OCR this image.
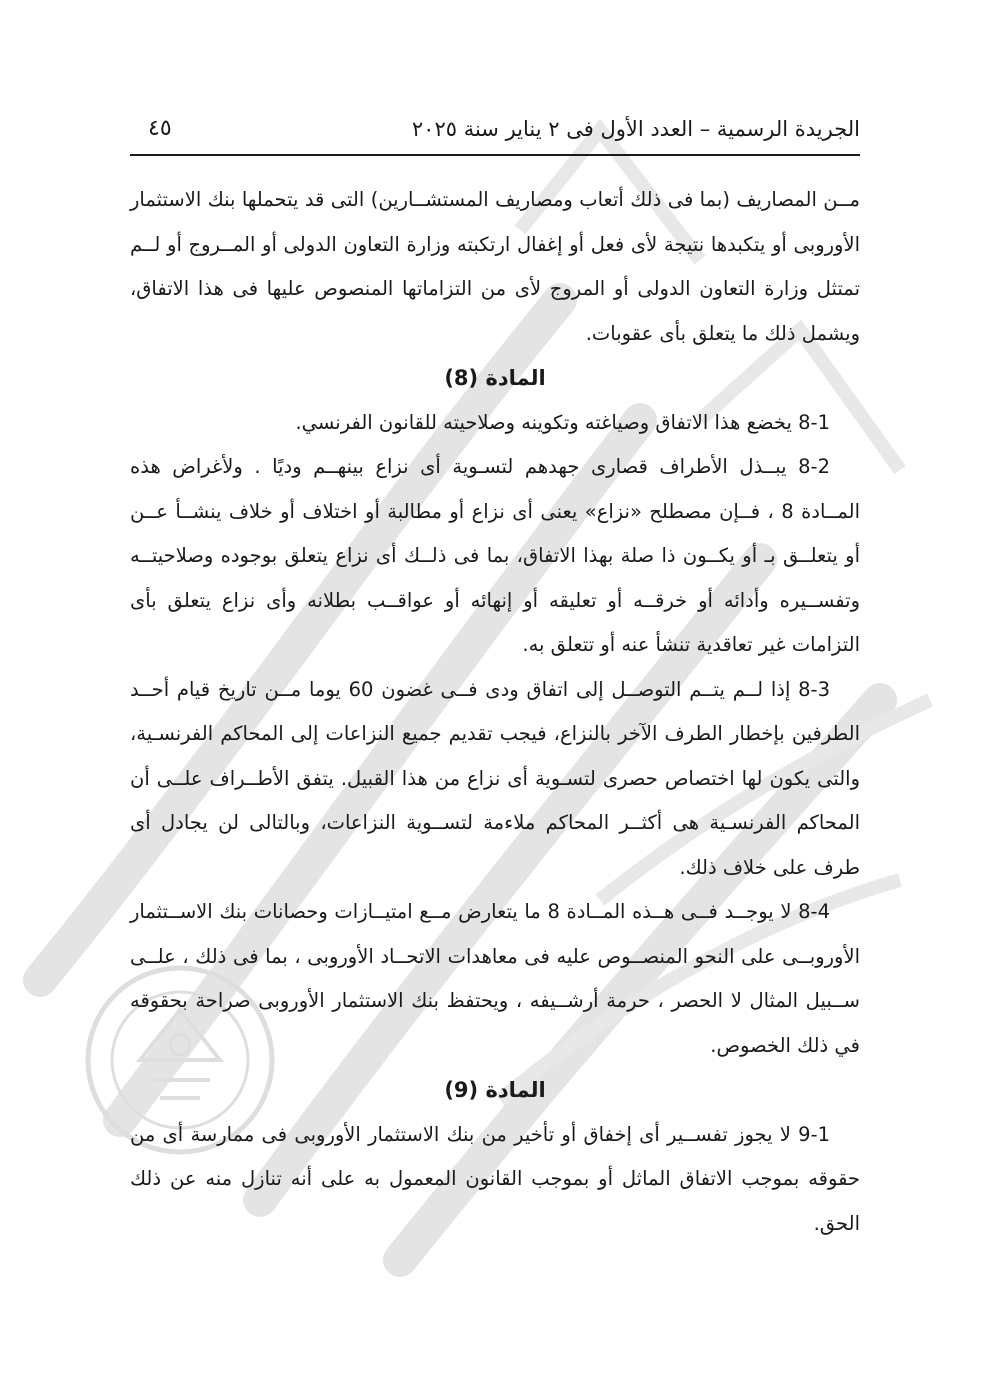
الجريدة الرسمية – العدد الأول فى ٢ يناير سنة ٢٠٢٥
٤٥

مــن المصاريف (بما فى ذلك أتعاب ومصاريف المستشــارين) التى قد يتحملها بنك الاستثمار الأوروبى أو يتكبدها نتيجة لأى فعل أو إغفال ارتكبته وزارة التعاون الدولى أو المــروج أو لــم تمتثل وزارة التعاون الدولى أو المروج لأى من التزاماتها المنصوص عليها فى هذا الاتفاق، ويشمل ذلك ما يتعلق بأى عقوبات.

المادة (8)

8-1 يخضع هذا الاتفاق وصياغته وتكوينه وصلاحيته للقانون الفرنسي.

8-2 يبــذل الأطراف قصارى جهدهم لتسـوية أى نزاع بينهــم وديًا . ولأغراض هذه المــادة 8 ، فــإن مصطلح «نزاع» يعنى أى نزاع أو مطالبة أو اختلاف أو خلاف ينشــأ عــن أو يتعلــق بـ أو يكــون ذا صلة بهذا الاتفاق، بما فى ذلــك أى نزاع يتعلق بوجوده وصلاحيتــه وتفســيره وأدائه أو خرقــه أو تعليقه أو إنهائه أو عواقــب بطلانه وأى نزاع يتعلق بأى التزامات غير تعاقدية تنشأ عنه أو تتعلق به.

8-3 إذا لــم يتــم التوصــل إلى اتفاق ودى فــى غضون 60 يوما مــن تاريخ قيام أحــد الطرفين بإخطار الطرف الآخر بالنزاع، فيجب تقديم جميع النزاعات إلى المحاكم الفرنسـية، والتى يكون لها اختصاص حصرى لتسـوية أى نزاع من هذا القبيل. يتفق الأطــراف علــى أن المحاكم الفرنسـية هى أكثــر المحاكم ملاءمة لتســوية النزاعات، وبالتالى لن يجادل أى طرف على خلاف ذلك.

8-4 لا يوجــد فــى هــذه المــادة 8 ما يتعارض مــع امتيــازات وحصانات بنك الاســتثمار الأوروبــى على النحو المنصــوص عليه فى معاهدات الاتحــاد الأوروبى ، بما فى ذلك ، علــى ســبيل المثال لا الحصر ، حرمة أرشــيفه ، ويحتفظ بنك الاستثمار الأوروبى صراحة بحقوقه في ذلك الخصوص.

المادة (9)

9-1 لا يجوز تفســير أى إخفاق أو تأخير من بنك الاستثمار الأوروبى فى ممارسة أى من حقوقه بموجب الاتفاق الماثل أو بموجب القانون المعمول به على أنه تنازل منه عن ذلك الحق.
